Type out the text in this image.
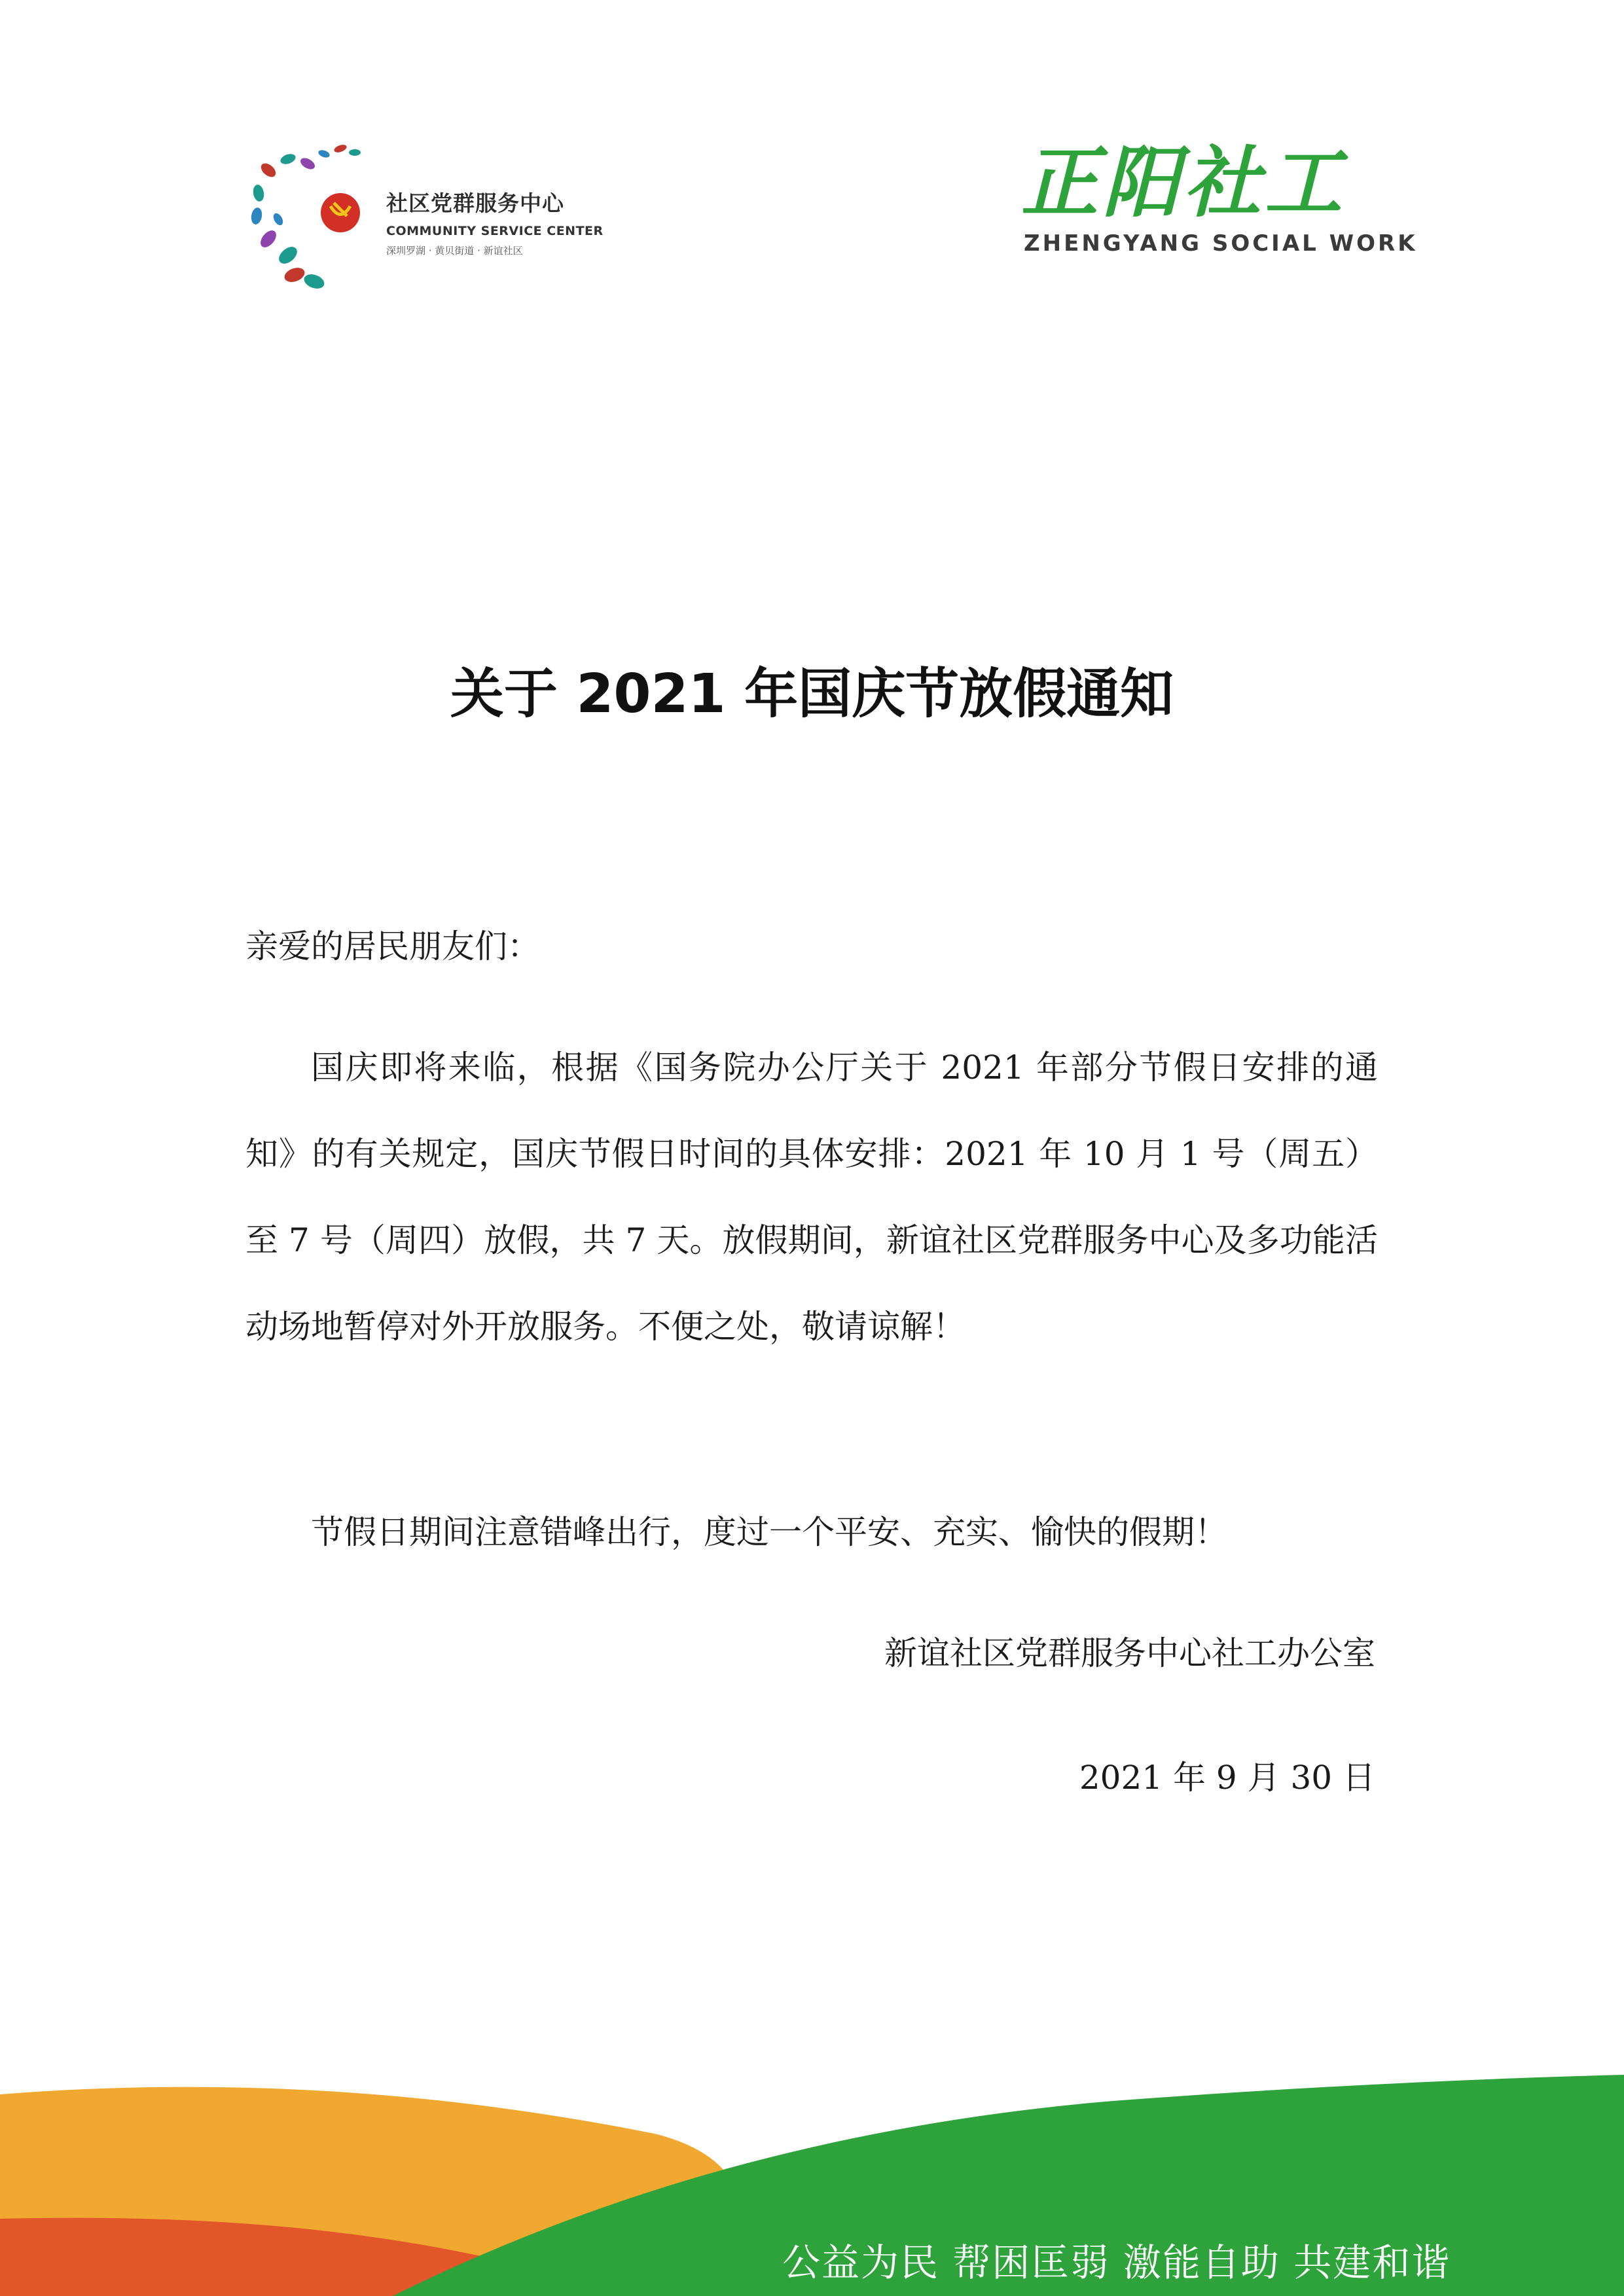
社区党群服务中心
COMMUNITY SERVICE CENTER
深圳罗湖 · 黄贝街道 · 新谊社区
正阳社工
ZHENGYANG SOCIAL WORK
关于 2021 年国庆节放假通知
亲爱的居民朋友们：
国庆即将来临，根据《国务院办公厅关于 2021 年部分节假日安排的通知》的有关规定，国庆节假日时间的具体安排：2021 年 10 月 1 号（周五）至 7 号（周四）放假，共 7 天。放假期间，新谊社区党群服务中心及多功能活动场地暂停对外开放服务。不便之处，敬请谅解！
节假日期间注意错峰出行，度过一个平安、充实、愉快的假期！
新谊社区党群服务中心社工办公室
2021 年 9 月 30 日
公益为民 帮困匡弱 激能自助 共建和谐
